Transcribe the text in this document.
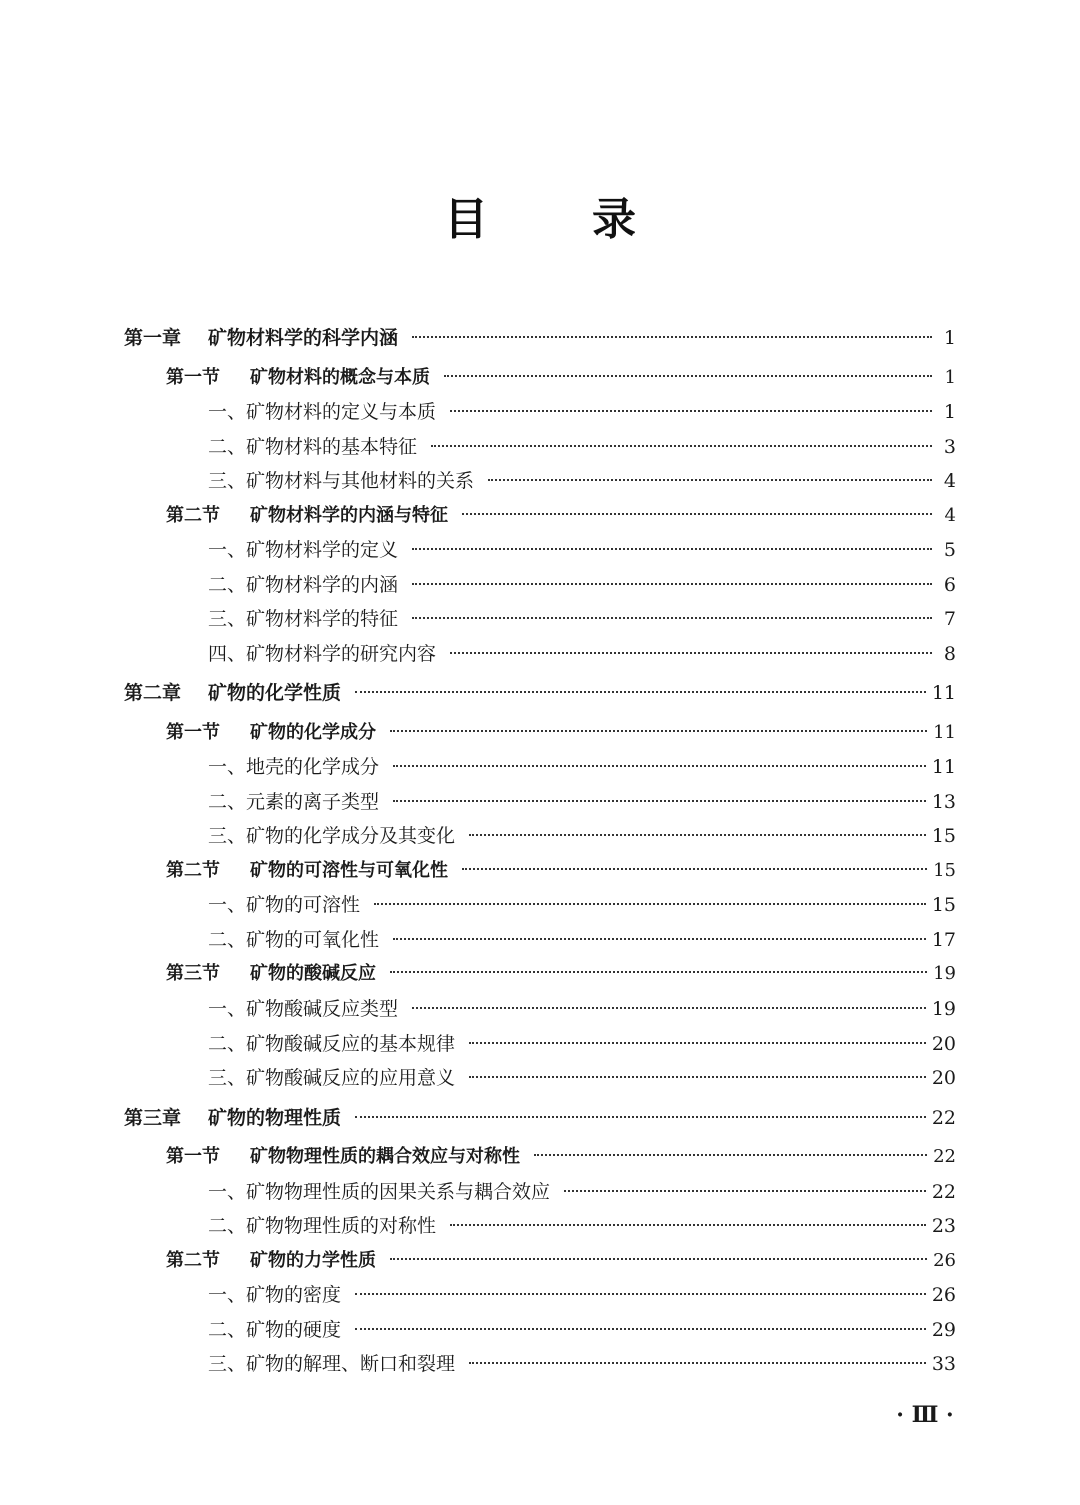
目 录
第一章	矿物材料学的科学内涵	1
第一节	矿物材料的概念与本质	1
一、矿物材料的定义与本质	1
二、矿物材料的基本特征	3
三、矿物材料与其他材料的关系	4
第二节	矿物材料学的内涵与特征	4
一、矿物材料学的定义	5
二、矿物材料学的内涵	6
三、矿物材料学的特征	7
四、矿物材料学的研究内容	8
第二章	矿物的化学性质	11
第一节	矿物的化学成分	11
一、地壳的化学成分	11
二、元素的离子类型	13
三、矿物的化学成分及其变化	15
第二节	矿物的可溶性与可氧化性	15
一、矿物的可溶性	15
二、矿物的可氧化性	17
第三节	矿物的酸碱反应	19
一、矿物酸碱反应类型	19
二、矿物酸碱反应的基本规律	20
三、矿物酸碱反应的应用意义	20
第三章	矿物的物理性质	22
第一节	矿物物理性质的耦合效应与对称性	22
一、矿物物理性质的因果关系与耦合效应	22
二、矿物物理性质的对称性	23
第二节	矿物的力学性质	26
一、矿物的密度	26
二、矿物的硬度	29
三、矿物的解理、断口和裂理	33
· Ⅲ ·
